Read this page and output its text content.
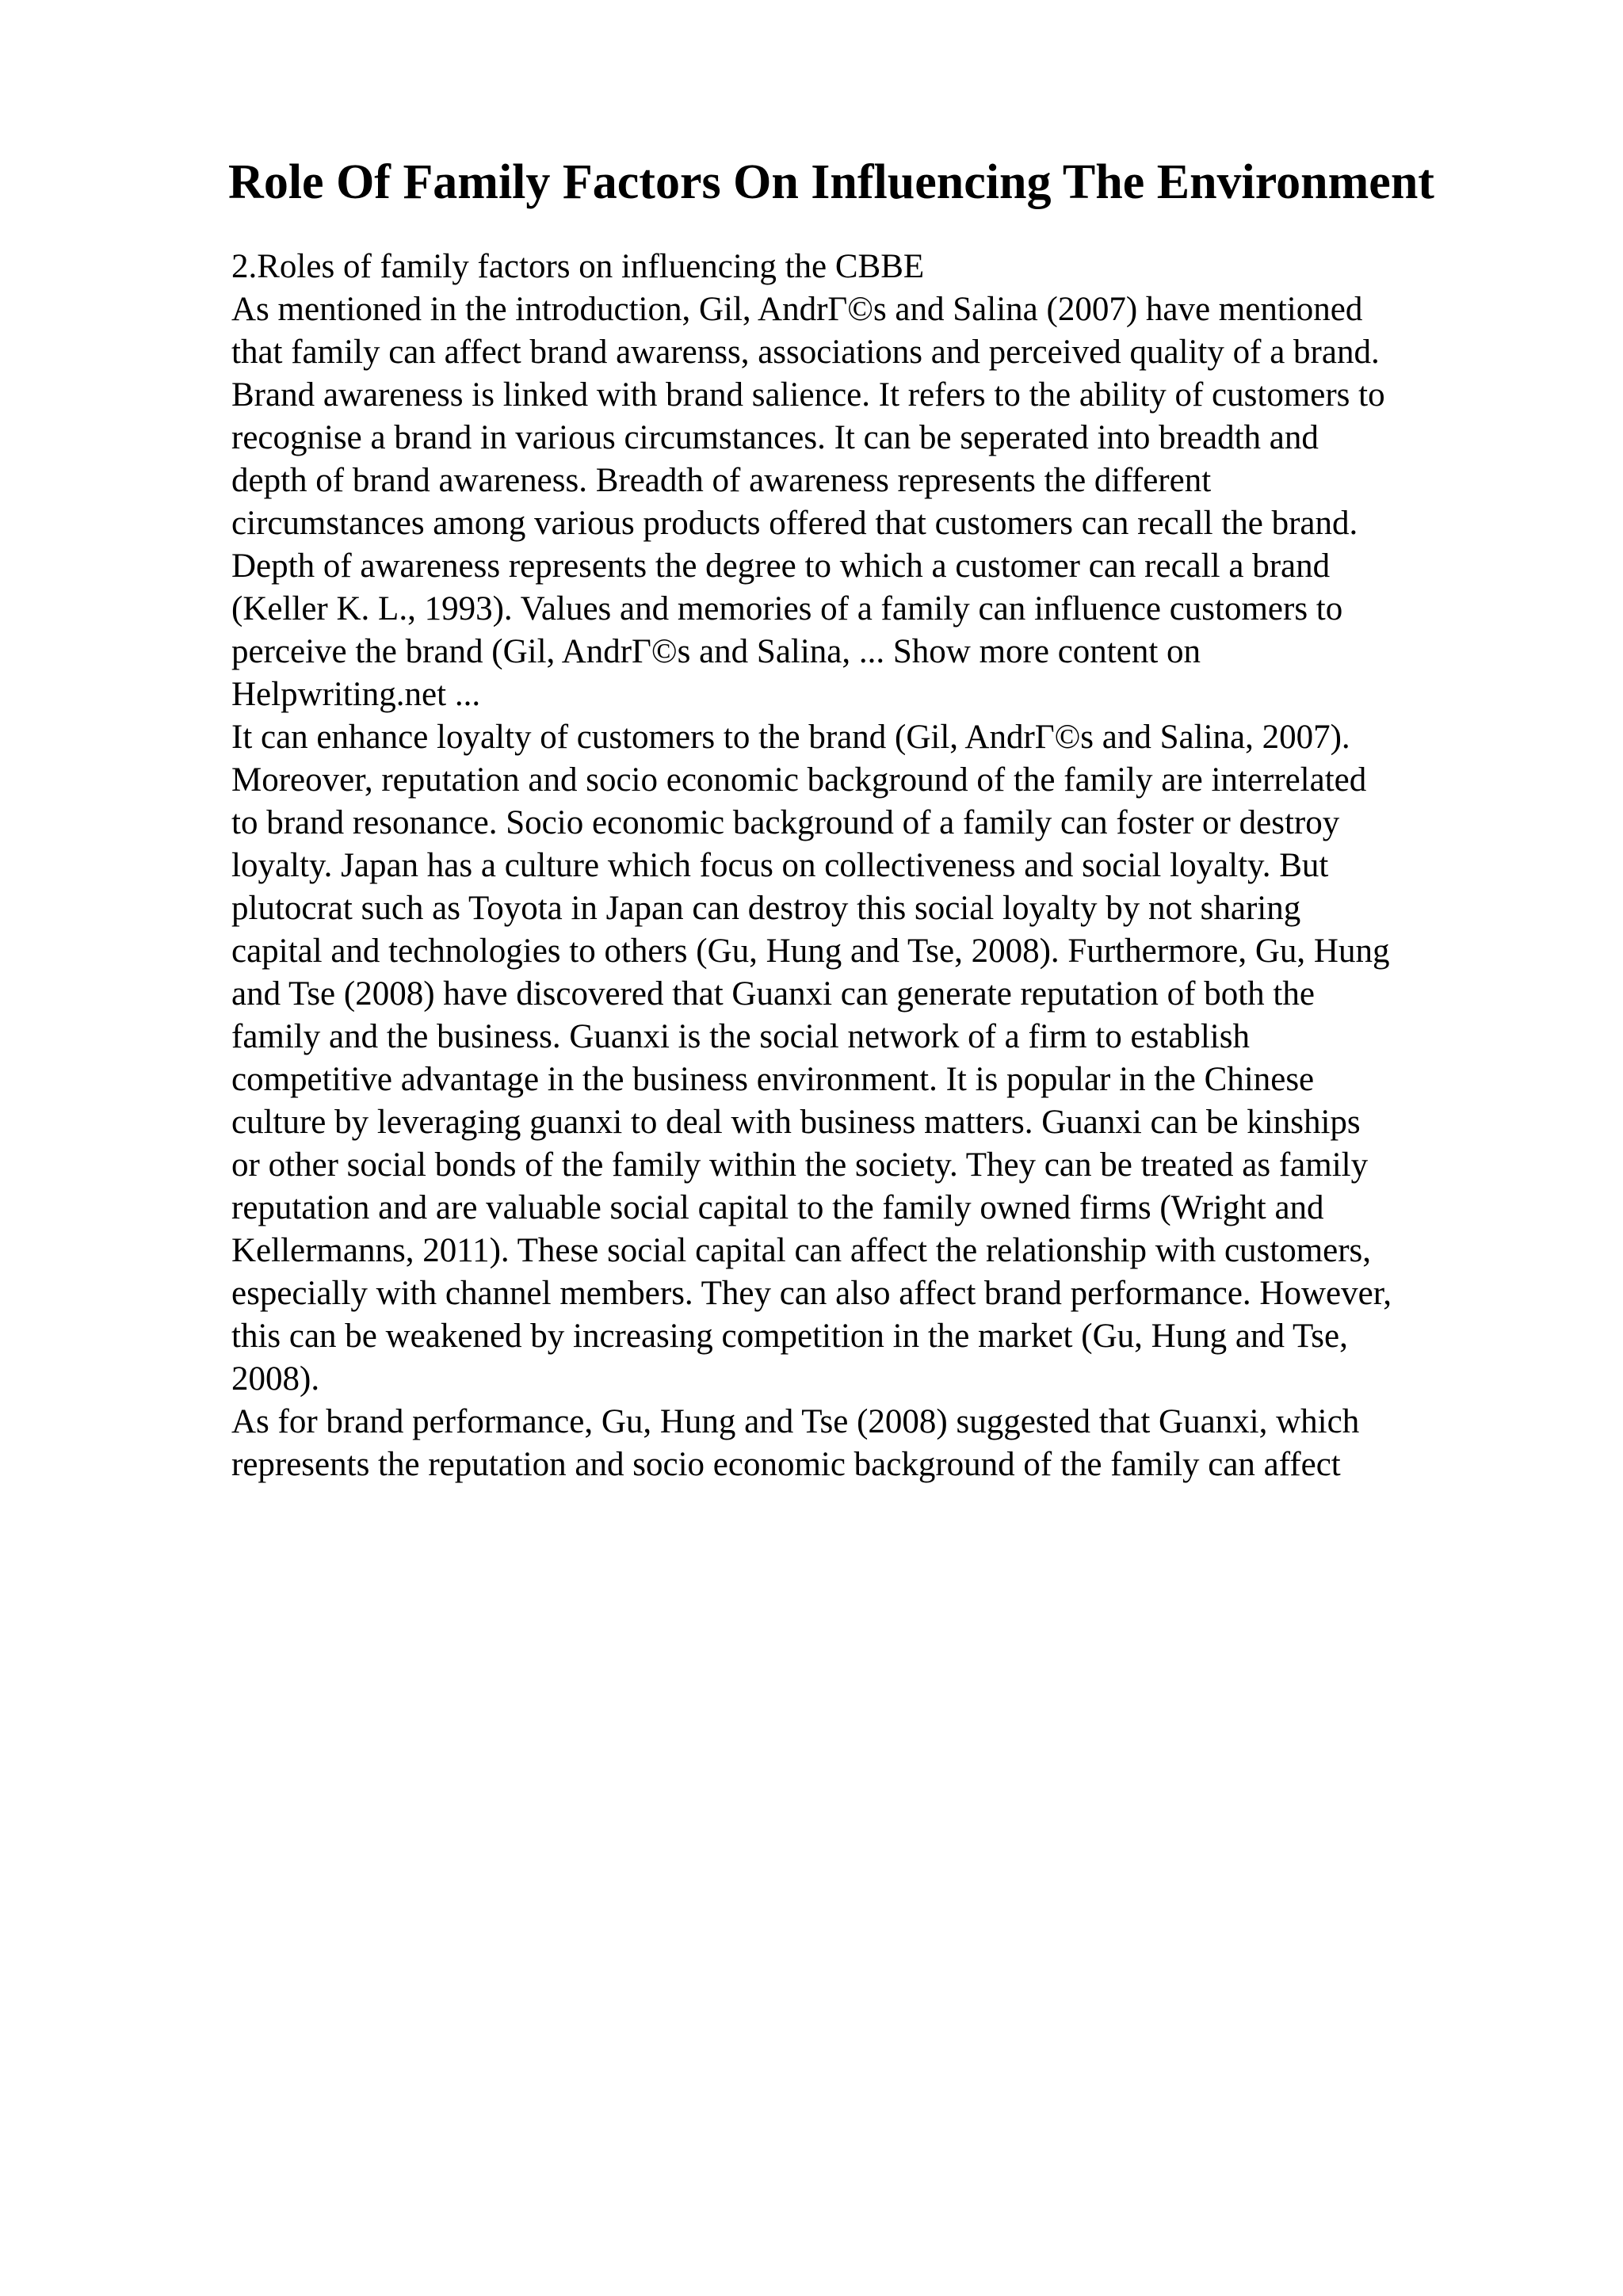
Role Of Family Factors On Influencing The Environment
2.Roles of family factors on influencing the CBBE
As mentioned in the introduction, Gil, AndrГ©s and Salina (2007) have mentioned
that family can affect brand awarenss, associations and perceived quality of a brand.
Brand awareness is linked with brand salience. It refers to the ability of customers to
recognise a brand in various circumstances. It can be seperated into breadth and
depth of brand awareness. Breadth of awareness represents the different
circumstances among various products offered that customers can recall the brand.
Depth of awareness represents the degree to which a customer can recall a brand
(Keller K. L., 1993). Values and memories of a family can influence customers to
perceive the brand (Gil, AndrГ©s and Salina, ... Show more content on
Helpwriting.net ...
It can enhance loyalty of customers to the brand (Gil, AndrГ©s and Salina, 2007).
Moreover, reputation and socio economic background of the family are interrelated
to brand resonance. Socio economic background of a family can foster or destroy
loyalty. Japan has a culture which focus on collectiveness and social loyalty. But
plutocrat such as Toyota in Japan can destroy this social loyalty by not sharing
capital and technologies to others (Gu, Hung and Tse, 2008). Furthermore, Gu, Hung
and Tse (2008) have discovered that Guanxi can generate reputation of both the
family and the business. Guanxi is the social network of a firm to establish
competitive advantage in the business environment. It is popular in the Chinese
culture by leveraging guanxi to deal with business matters. Guanxi can be kinships
or other social bonds of the family within the society. They can be treated as family
reputation and are valuable social capital to the family owned firms (Wright and
Kellermanns, 2011). These social capital can affect the relationship with customers,
especially with channel members. They can also affect brand performance. However,
this can be weakened by increasing competition in the market (Gu, Hung and Tse,
2008).
As for brand performance, Gu, Hung and Tse (2008) suggested that Guanxi, which
represents the reputation and socio economic background of the family can affect
